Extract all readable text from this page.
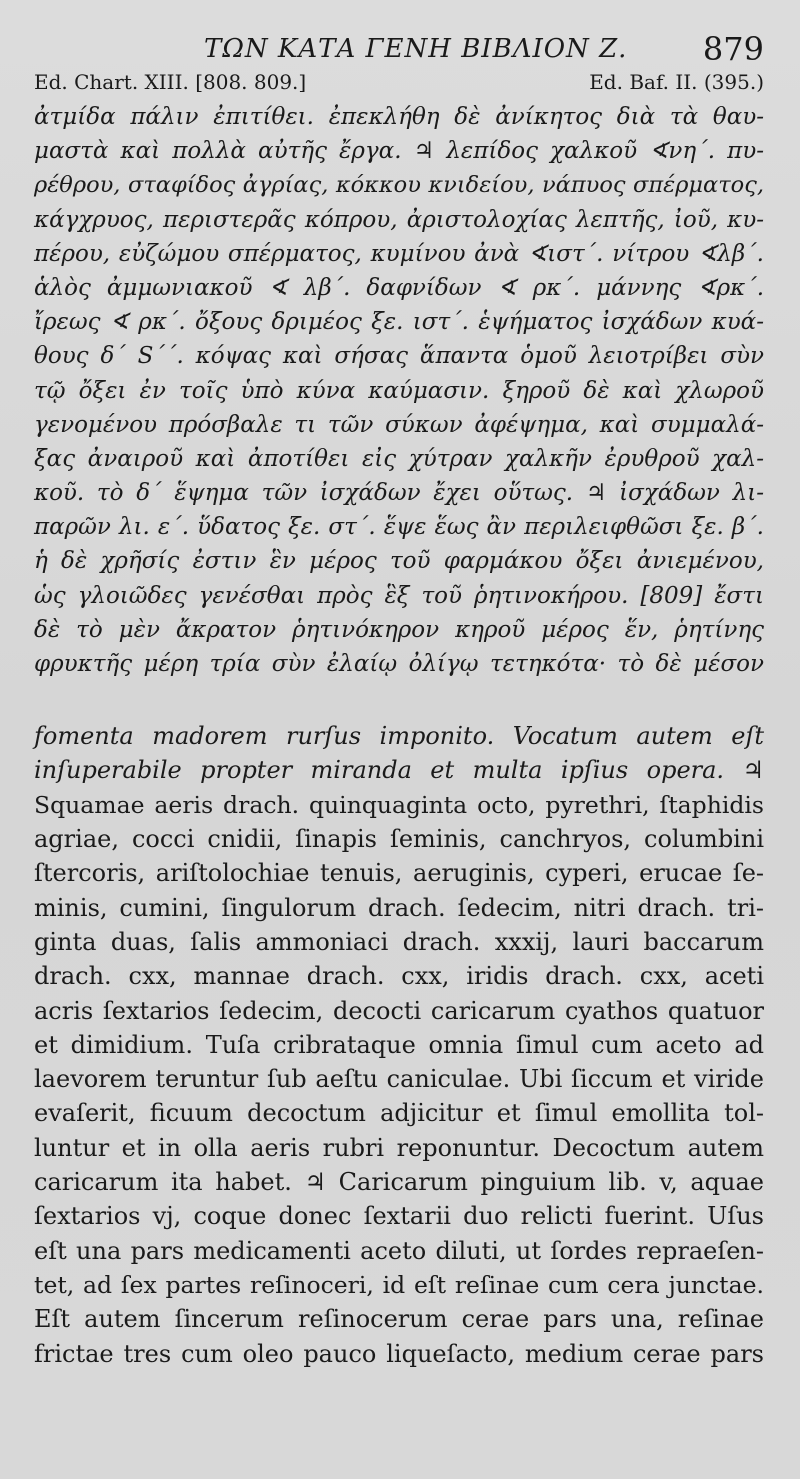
ΤΩΝ ΚΑΤΑ ΓΕΝΗ ΒΙΒΛΙΟΝ Ζ. 879
Ed. Chart. XIII. [808. 809.]	Ed. Baf. II. (395.)
ἀτμίδα πάλιν ἐπιτίθει. ἐπεκλήθη δὲ ἀνίκητος διὰ τὰ θαυ-
μαστὰ καὶ πολλὰ αὐτῆς ἔργα. ♃ λεπίδος χαλκοῦ ∢νη΄. πυ-
ρέθρου, σταφίδος ἀγρίας, κόκκου κνιδείου, νάπυος σπέρματος,
κάγχρυος, περιστερᾶς κόπρου, ἀριστολοχίας λεπτῆς, ἰοῦ, κυ-
πέρου, εὐζώμου σπέρματος, κυμίνου ἀνὰ ∢ιστ΄. νίτρου ∢λβ΄.
ἁλὸς ἀμμωνιακοῦ ∢ λβ΄. δαφνίδων ∢ ρκ΄. μάννης ∢ρκ΄.
ἴρεως ∢ ρκ΄. ὄξους δριμέος ξε. ιστ΄. ἑψήματος ἰσχάδων κυά-
θους δ΄ S΄΄. κόψας καὶ σήσας ἅπαντα ὁμοῦ λειοτρίβει σὺν
τῷ ὄξει ἐν τοῖς ὑπὸ κύνα καύμασιν. ξηροῦ δὲ καὶ χλωροῦ
γενομένου πρόσβαλε τι τῶν σύκων ἀφέψημα, καὶ συμμαλά-
ξας ἀναιροῦ καὶ ἀποτίθει εἰς χύτραν χαλκῆν ἐρυθροῦ χαλ-
κοῦ. τὸ δ΄ ἕψημα τῶν ἰσχάδων ἔχει οὕτως. ♃ ἰσχάδων λι-
παρῶν λι. ε΄. ὕδατος ξε. στ΄. ἕψε ἕως ἂν περιλειφθῶσι ξε. β΄.
ἡ δὲ χρῆσίς ἐστιν ἓν μέρος τοῦ φαρμάκου ὄξει ἀνιεμένου,
ὡς γλοιῶδες γενέσθαι πρὸς ἓξ τοῦ ῥητινοκήρου. [809] ἔστι
δὲ τὸ μὲν ἄκρατον ῥητινόκηρον κηροῦ μέρος ἕν, ῥητίνης
φρυκτῆς μέρη τρία σὺν ἐλαίῳ ὀλίγῳ τετηκότα· τὸ δὲ μέσον
fomenta madorem rurſus imponito. Vocatum autem eſt
inſuperabile propter miranda et multa ipſius opera. ♃
Squamae aeris drach. quinquaginta octo, pyrethri, ſtaphidis
agriae, cocci cnidii, ſinapis ſeminis, canchryos, columbini
ſtercoris, ariſtolochiae tenuis, aeruginis, cyperi, erucae ſe-
minis, cumini, ſingulorum drach. ſedecim, nitri drach. tri-
ginta duas, ſalis ammoniaci drach. xxxij, lauri baccarum
drach. cxx, mannae drach. cxx, iridis drach. cxx, aceti
acris ſextarios ſedecim, decocti caricarum cyathos quatuor
et dimidium. Tuſa cribrataque omnia ſimul cum aceto ad
laevorem teruntur ſub aeſtu caniculae. Ubi ſiccum et viride
evaſerit, ficuum decoctum adjicitur et ſimul emollita tol-
luntur et in olla aeris rubri reponuntur. Decoctum autem
caricarum ita habet. ♃ Caricarum pinguium lib. v, aquae
ſextarios vj, coque donec ſextarii duo relicti fuerint. Uſus
eſt una pars medicamenti aceto diluti, ut ſordes repraeſen-
tet, ad ſex partes reſinoceri, id eſt reſinae cum cera junctae.
Eſt autem ſincerum reſinocerum cerae pars una, reſinae
frictae tres cum oleo pauco liqueſacto, medium cerae pars
